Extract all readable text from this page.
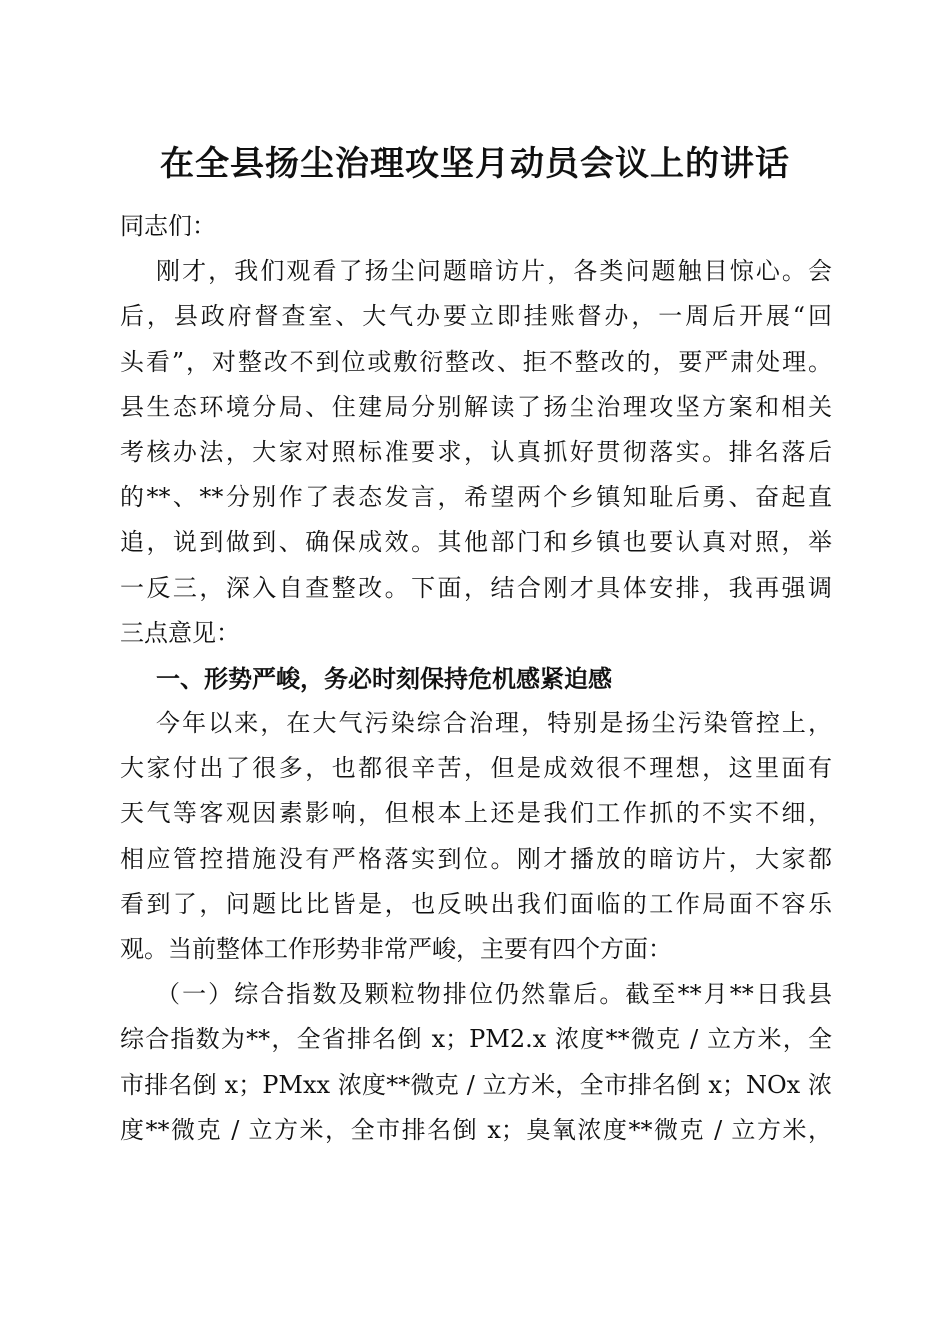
在全县扬尘治理攻坚月动员会议上的讲话
同志们：
刚才，我们观看了扬尘问题暗访片，各类问题触目惊心。会
后，县政府督查室、大气办要立即挂账督办，一周后开展“回
头看”，对整改不到位或敷衍整改、拒不整改的，要严肃处理。
县生态环境分局、住建局分别解读了扬尘治理攻坚方案和相关
考核办法，大家对照标准要求，认真抓好贯彻落实。排名落后
的**、**分别作了表态发言，希望两个乡镇知耻后勇、奋起直
追，说到做到、确保成效。其他部门和乡镇也要认真对照，举
一反三，深入自查整改。下面，结合刚才具体安排，我再强调
三点意见：
一、形势严峻，务必时刻保持危机感紧迫感
今年以来，在大气污染综合治理，特别是扬尘污染管控上，
大家付出了很多，也都很辛苦，但是成效很不理想，这里面有
天气等客观因素影响，但根本上还是我们工作抓的不实不细，
相应管控措施没有严格落实到位。刚才播放的暗访片，大家都
看到了，问题比比皆是，也反映出我们面临的工作局面不容乐
观。当前整体工作形势非常严峻，主要有四个方面：
（一）综合指数及颗粒物排位仍然靠后。截至**月**日我县
综合指数为**，全省排名倒 x；PM2.x 浓度**微克 / 立方米，全
市排名倒 x；PMxx 浓度**微克 / 立方米，全市排名倒 x；NOx 浓
度**微克 / 立方米，全市排名倒 x；臭氧浓度**微克 / 立方米，
